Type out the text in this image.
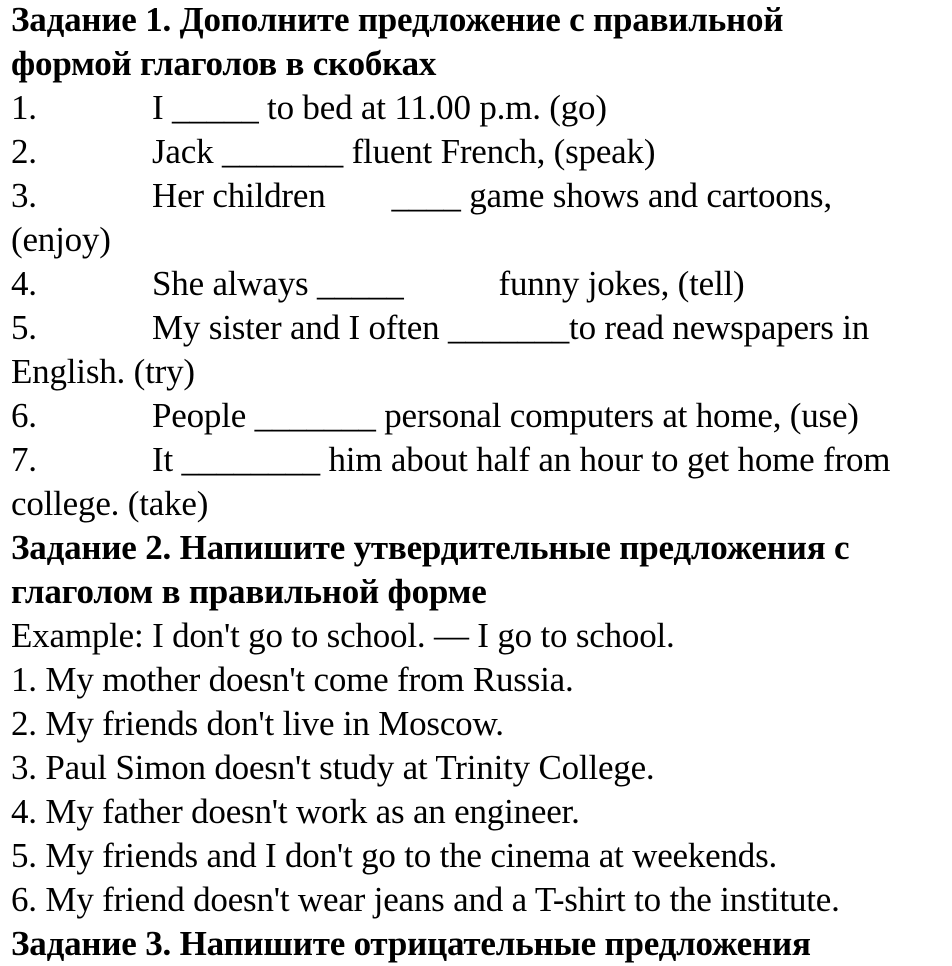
Задание 1. Дополните предложение с правильной
формой глаголов в скобках
1.	I _____ to bed at 11.00 p.m. (go)
2.	Jack _______ fluent French, (speak)
3.	Her children ____ game shows and cartoons,
(enjoy)
4.	She always _____	funny jokes, (tell)
5.	My sister and I often _______to read newspapers in
English. (try)
6.	People _______ personal computers at home, (use)
7.	It ________ him about half an hour to get home from
college. (take)
Задание 2. Напишите утвердительные предложения с
глаголом в правильной форме
Example: I don't go to school. — I go to school.
1. My mother doesn't come from Russia.
2. My friends don't live in Moscow.
3. Paul Simon doesn't study at Trinity College.
4. My father doesn't work as an engineer.
5. My friends and I don't go to the cinema at weekends.
6. My friend doesn't wear jeans and a T-shirt to the institute.
Задание 3. Напишите отрицательные предложения
